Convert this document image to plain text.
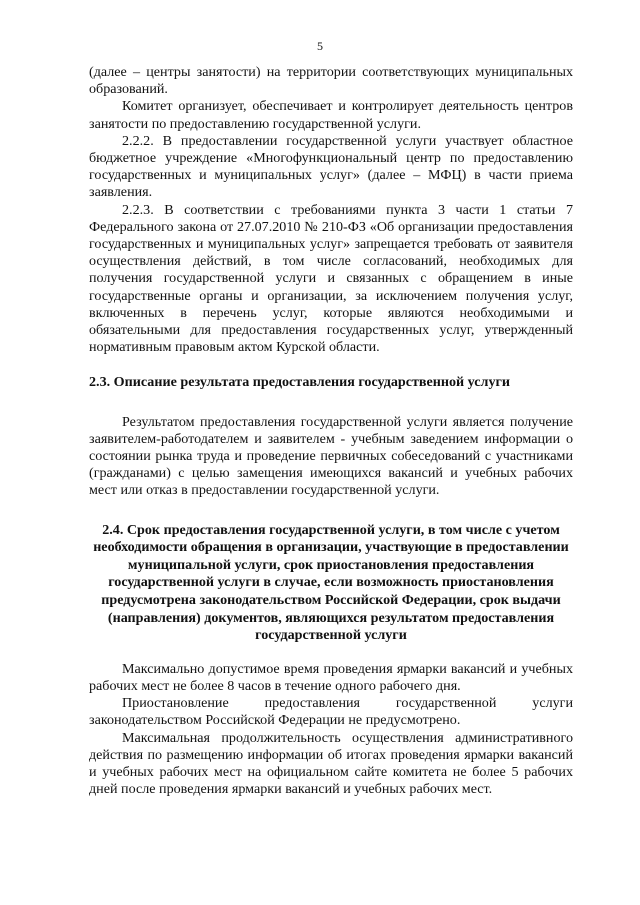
5

(далее – центры занятости) на территории соответствующих муниципальных образований.

Комитет организует, обеспечивает и контролирует деятельность центров занятости по предоставлению государственной услуги.

2.2.2. В предоставлении государственной услуги участвует областное бюджетное учреждение «Многофункциональный центр по предоставлению государственных и муниципальных услуг» (далее – МФЦ) в части приема заявления.

2.2.3. В соответствии с требованиями пункта 3 части 1 статьи 7 Федерального закона от 27.07.2010 № 210-ФЗ «Об организации предоставления государственных и муниципальных услуг» запрещается требовать от заявителя осуществления действий, в том числе согласований, необходимых для получения государственной услуги и связанных с обращением в иные государственные органы и организации, за исключением получения услуг, включенных в перечень услуг, которые являются необходимыми и обязательными для предоставления государственных услуг, утвержденный нормативным правовым актом Курской области.

2.3. Описание результата предоставления государственной услуги

Результатом предоставления государственной услуги является получение заявителем-работодателем и заявителем - учебным заведением информации о состоянии рынка труда и проведение первичных собеседований с участниками (гражданами) с целью замещения имеющихся вакансий и учебных рабочих мест или отказ в предоставлении государственной услуги.

2.4. Срок предоставления государственной услуги, в том числе с учетом необходимости обращения в организации, участвующие в предоставлении муниципальной услуги, срок приостановления предоставления государственной услуги в случае, если возможность приостановления предусмотрена законодательством Российской Федерации, срок выдачи (направления) документов, являющихся результатом предоставления государственной услуги

Максимально допустимое время проведения ярмарки вакансий и учебных рабочих мест не более 8 часов в течение одного рабочего дня.

Приостановление предоставления государственной услуги законодательством Российской Федерации не предусмотрено.

Максимальная продолжительность осуществления административного действия по размещению информации об итогах проведения ярмарки вакансий и учебных рабочих мест на официальном сайте комитета не более 5 рабочих дней после проведения ярмарки вакансий и учебных рабочих мест.
